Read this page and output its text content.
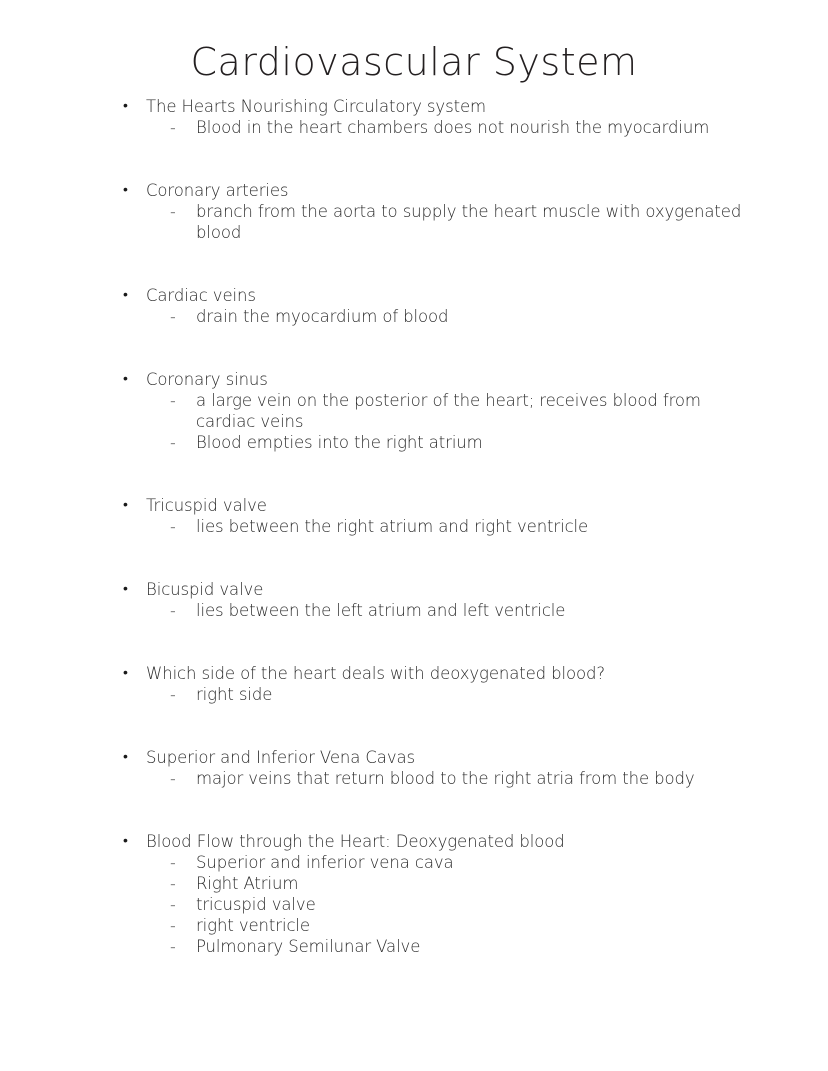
Cardiovascular System
• The Hearts Nourishing Circulatory system
- Blood in the heart chambers does not nourish the myocardium
• Coronary arteries
- branch from the aorta to supply the heart muscle with oxygenated blood
• Cardiac veins
- drain the myocardium of blood
• Coronary sinus
- a large vein on the posterior of the heart; receives blood from cardiac veins
- Blood empties into the right atrium
• Tricuspid valve
- lies between the right atrium and right ventricle
• Bicuspid valve
- lies between the left atrium and left ventricle
• Which side of the heart deals with deoxygenated blood?
- right side
• Superior and Inferior Vena Cavas
- major veins that return blood to the right atria from the body
• Blood Flow through the Heart: Deoxygenated blood
- Superior and inferior vena cava
- Right Atrium
- tricuspid valve
- right ventricle
- Pulmonary Semilunar Valve
